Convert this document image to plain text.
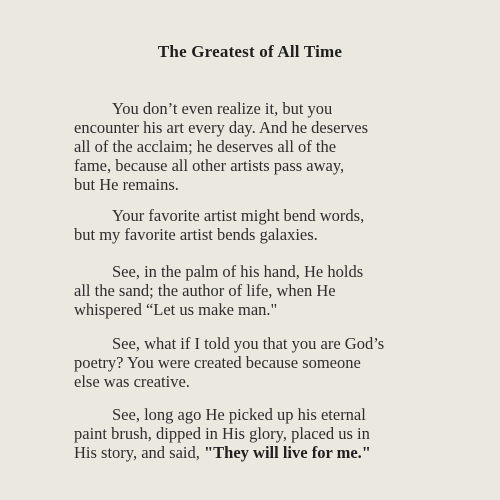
The Greatest of All Time
You don’t even realize it, but you
encounter his art every day. And he deserves
all of the acclaim; he deserves all of the
fame, because all other artists pass away,
but He remains.
Your favorite artist might bend words,
but my favorite artist bends galaxies.
See, in the palm of his hand, He holds
all the sand; the author of life, when He
whispered “Let us make man."
See, what if I told you that you are God’s
poetry? You were created because someone
else was creative.
See, long ago He picked up his eternal
paint brush, dipped in His glory, placed us in
His story, and said, "They will live for me."
